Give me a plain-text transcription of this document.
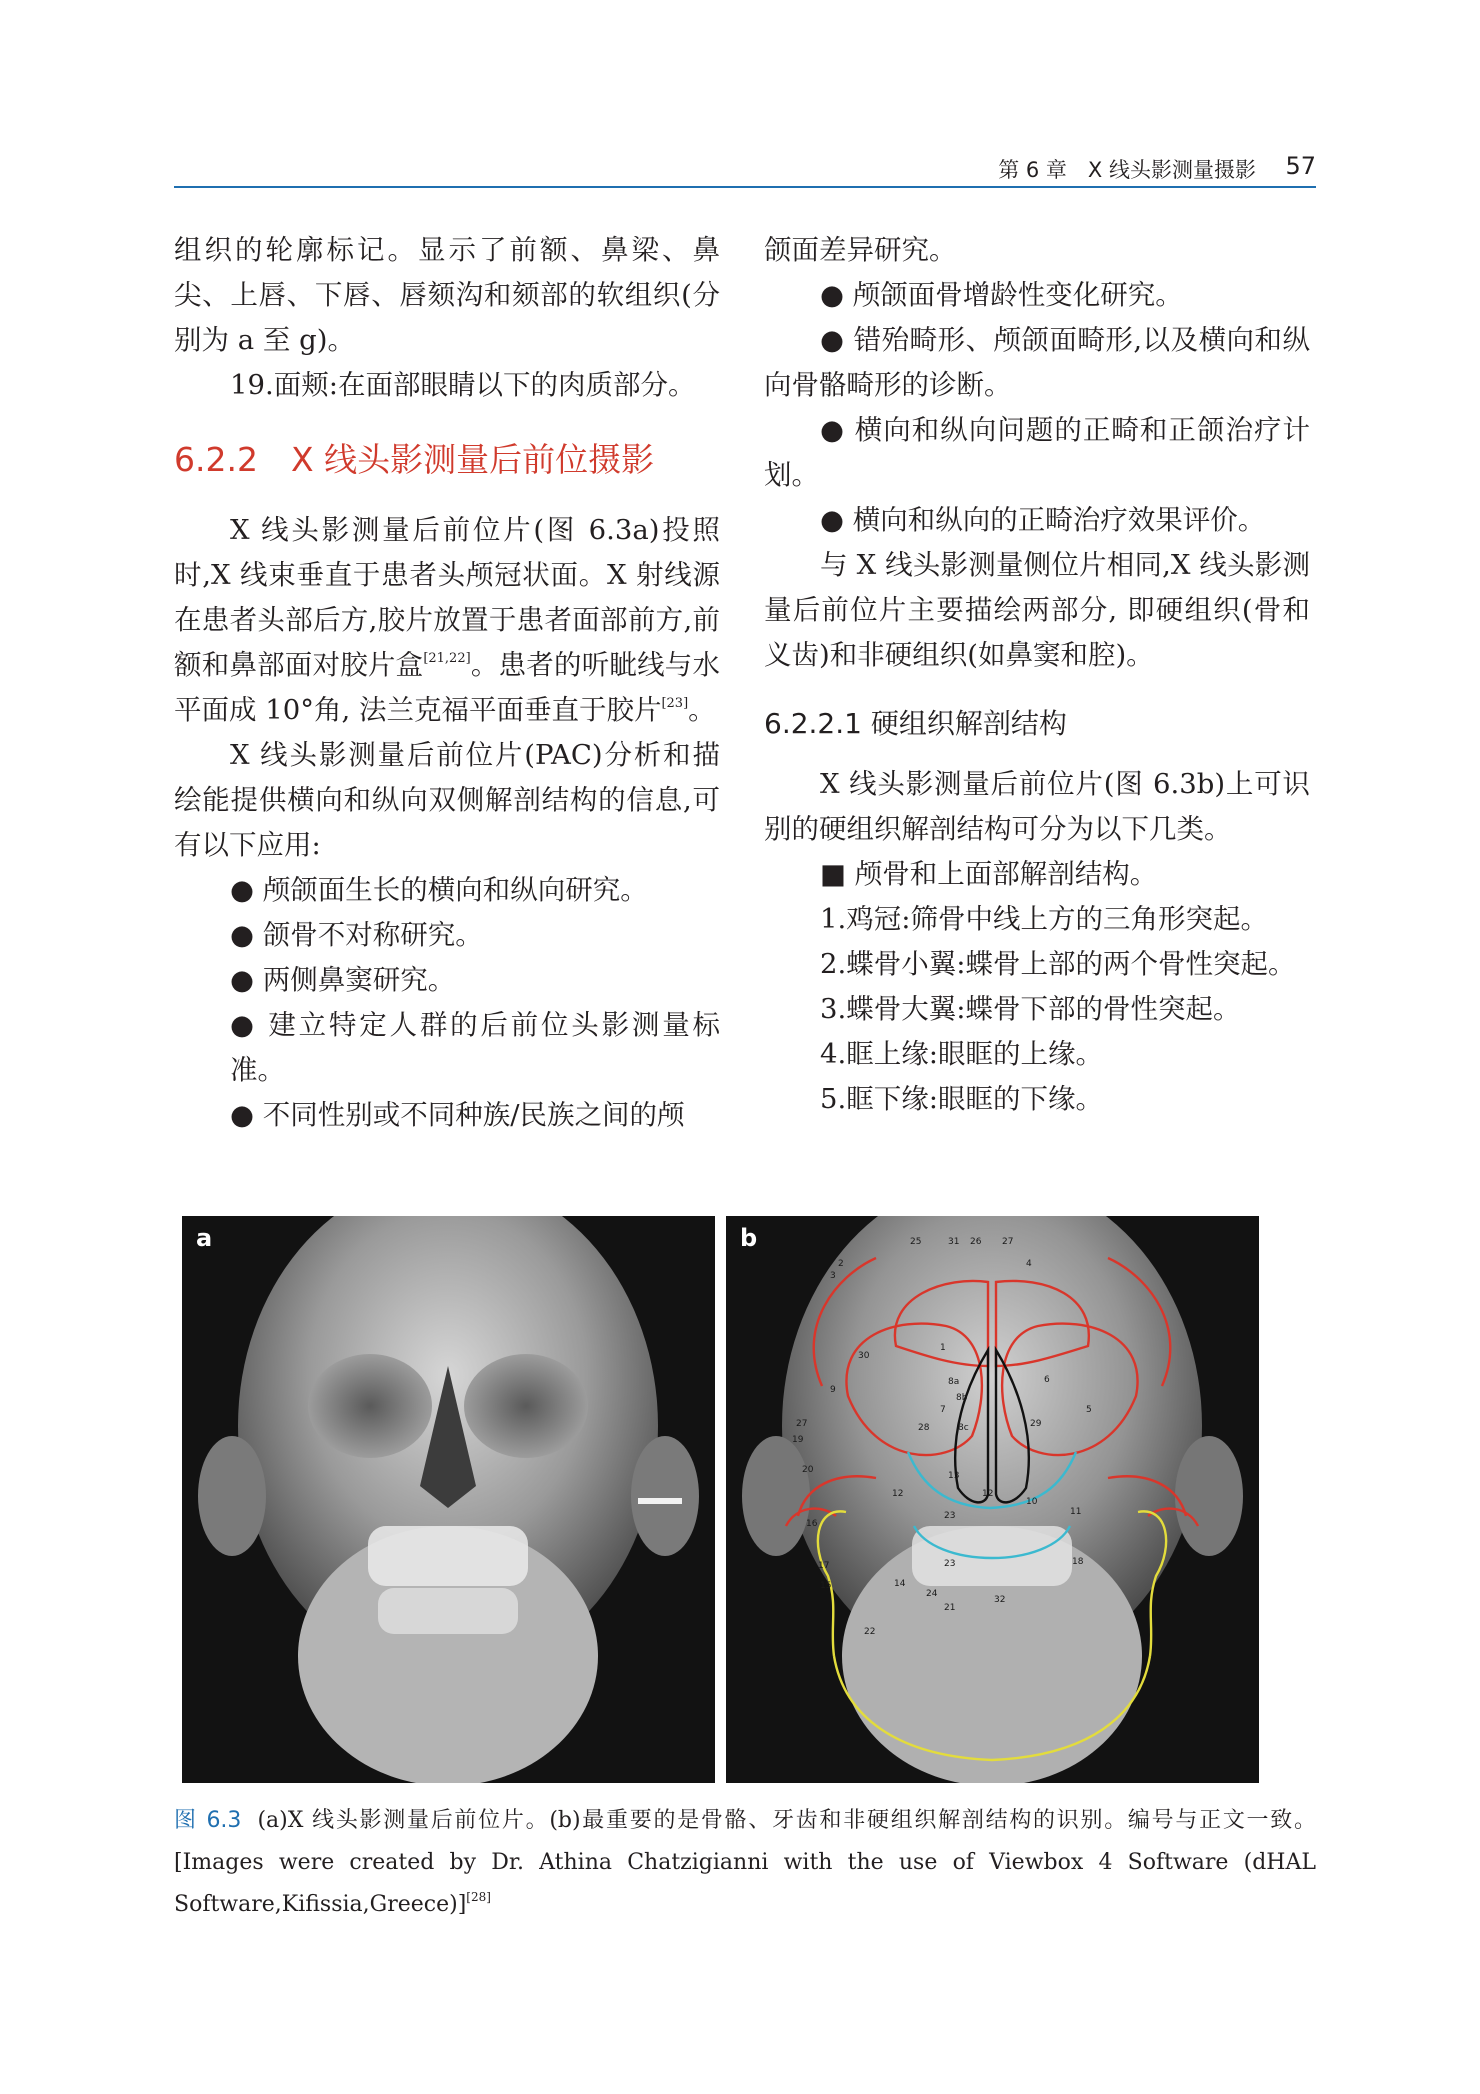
第 6 章　X 线头影测量摄影 57

组织的轮廓标记。显示了前额、鼻梁、鼻尖、上唇、下唇、唇颏沟和颏部的软组织(分别为 a 至 g)。

19.面颊:在面部眼睛以下的肉质部分。

6.2.2　X 线头影测量后前位摄影

X 线头影测量后前位片(图 6.3a)投照时,X 线束垂直于患者头颅冠状面。X 射线源在患者头部后方,胶片放置于患者面部前方,前额和鼻部面对胶片盒[21,22]。患者的听眦线与水平面成 10°角, 法兰克福平面垂直于胶片[23]。

X 线头影测量后前位片(PAC)分析和描绘能提供横向和纵向双侧解剖结构的信息,可有以下应用:

● 颅颌面生长的横向和纵向研究。

● 颌骨不对称研究。

● 两侧鼻窦研究。

● 建立特定人群的后前位头影测量标准。

● 不同性别或不同种族/民族之间的颅

颌面差异研究。

● 颅颌面骨增龄性变化研究。

● 错殆畸形、颅颌面畸形,以及横向和纵向骨骼畸形的诊断。

● 横向和纵向问题的正畸和正颌治疗计划。

● 横向和纵向的正畸治疗效果评价。

与 X 线头影测量侧位片相同,X 线头影测量后前位片主要描绘两部分, 即硬组织(骨和义齿)和非硬组织(如鼻窦和腔)。

6.2.2.1 硬组织解剖结构

X 线头影测量后前位片(图 6.3b)上可识别的硬组织解剖结构可分为以下几类。

■ 颅骨和上面部解剖结构。

1.鸡冠:筛骨中线上方的三角形突起。

2.蝶骨小翼:蝶骨上部的两个骨性突起。

3.蝶骨大翼:蝶骨下部的骨性突起。

4.眶上缘:眼眶的上缘。

5.眶下缘:眼眶的下缘。

a	b	25	31 26 27
2
3
4
1
30
9
6
8a
7
8b
28	8c	29
27
19
5
20
12
13
12
10
23	11
16
23
24
17
14
18
15
21
32
22
图 6.3 (a)X 线头影测量后前位片。(b)最重要的是骨骼、牙齿和非硬组织解剖结构的识别。编号与正文一致。[Images were created by Dr. Athina Chatzigianni with the use of Viewbox 4 Software (dHAL Software,Kifissia,Greece)][28]
